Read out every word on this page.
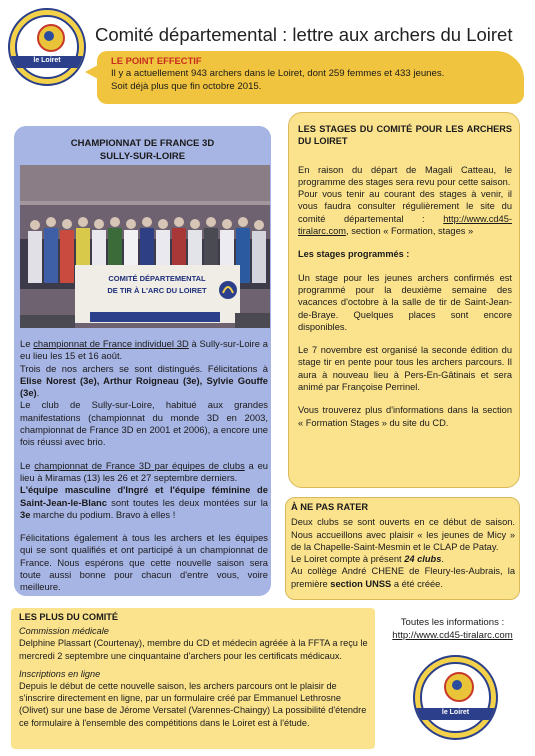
le Loiret
Comité départemental : lettre aux archers du Loiret
LE POINT EFFECTIF
Il y a actuellement 943 archers dans le Loiret, dont 259 femmes et 433 jeunes.
Soit déjà plus que fin octobre 2015.
CHAMPIONNAT DE FRANCE 3D
SULLY-SUR-LOIRE
COMITÉ DÉPARTEMENTAL
DE TIR À L'ARC DU LOIRET

Le championnat de France individuel 3D à Sully-sur-Loire a eu lieu les 15 et 16 août.
Trois de nos archers se sont distingués. Félicitations à Elise Norest (3e), Arthur Roigneau (3e), Sylvie Gouffe (3e).
Le club de Sully-sur-Loire, habitué aux grandes manifestations (championnat du monde 3D en 2003, championnat de France 3D en 2001 et 2006), a encore une fois réussi avec brio.

Le championnat de France 3D par équipes de clubs a eu lieu à Miramas (13) les 26 et 27 septembre derniers.
L'équipe masculine d'Ingré et l'équipe féminine de Saint-Jean-le-Blanc sont toutes les deux montées sur la 3e marche du podium. Bravo à elles !

Félicitations également à tous les archers et les équipes qui se sont qualifiés et ont participé à un championnat de France. Nous espérons que cette nouvelle saison sera toute aussi bonne pour chacun d'entre vous, voire meilleure.

LES STAGES DU COMITÉ POUR LES ARCHERS DU LOIRET

En raison du départ de Magali Catteau, le programme des stages sera revu pour cette saison.

Pour vous tenir au courant des stages à venir, il vous faudra consulter régulièrement le site du comité départemental : http://www.cd45-tiralarc.com, section « Formation, stages »

Les stages programmés :

Un stage pour les jeunes archers confirmés est programmé pour la deuxième semaine des vacances d'octobre à la salle de tir de Saint-Jean-de-Braye. Quelques places sont encore disponibles.

Le 7 novembre est organisé la seconde édition du stage tir en pente pour tous les archers parcours. Il aura à nouveau lieu à Pers-En-Gâtinais et sera animé par Françoise Perrinel.

Vous trouverez plus d'informations dans la section « Formation Stages » du site du CD.

À NE PAS RATER

Deux clubs se sont ouverts en ce début de saison. Nous accueillons avec plaisir « les jeunes de Micy » de la Chapelle-Saint-Mesmin et le CLAP de Patay.

Le Loiret compte à présent 24 clubs.

Au collège André CHENE de Fleury-les-Aubrais, la première section UNSS a été créée.

LES PLUS DU COMITÉ

Commission médicale

Delphine Plassart (Courtenay), membre du CD et médecin agréée à la FFTA a reçu le mercredi 2 septembre une cinquantaine d'archers pour les certificats médicaux.

Inscriptions en ligne

Depuis le début de cette nouvelle saison, les archers parcours ont le plaisir de s'inscrire directement en ligne, par un formulaire créé par Emmanuel Lethrosne (Olivet) sur une base de Jérome Versatel (Varennes-Chaingy) La possibilité d'étendre ce formulaire à l'ensemble des compétitions dans le Loiret est à l'étude.

Toutes les informations :
http://www.cd45-tiralarc.com
le Loiret
